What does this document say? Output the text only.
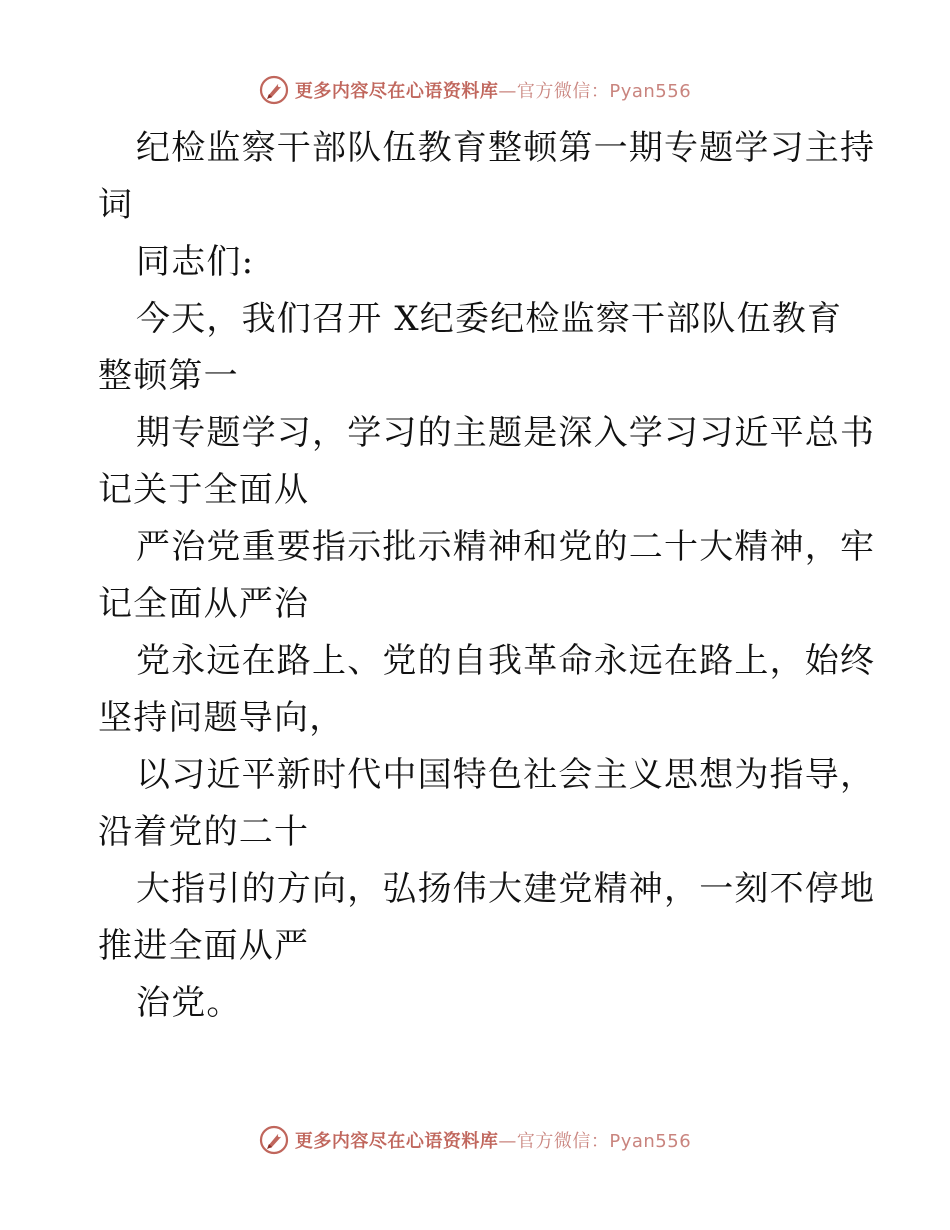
更多内容尽在心语资料库—官方微信：Pyan556
纪检监察干部队伍教育整顿第一期专题学习主持
词
同志们:
今天，我们召开 X纪委纪检监察干部队伍教育
整顿第一
期专题学习，学习的主题是深入学习习近平总书
记关于全面从
严治党重要指示批示精神和党的二十大精神，牢
记全面从严治
党永远在路上、党的自我革命永远在路上，始终
坚持问题导向，
以习近平新时代中国特色社会主义思想为指导，
沿着党的二十
大指引的方向，弘扬伟大建党精神，一刻不停地
推进全面从严
治党。
更多内容尽在心语资料库—官方微信：Pyan556
